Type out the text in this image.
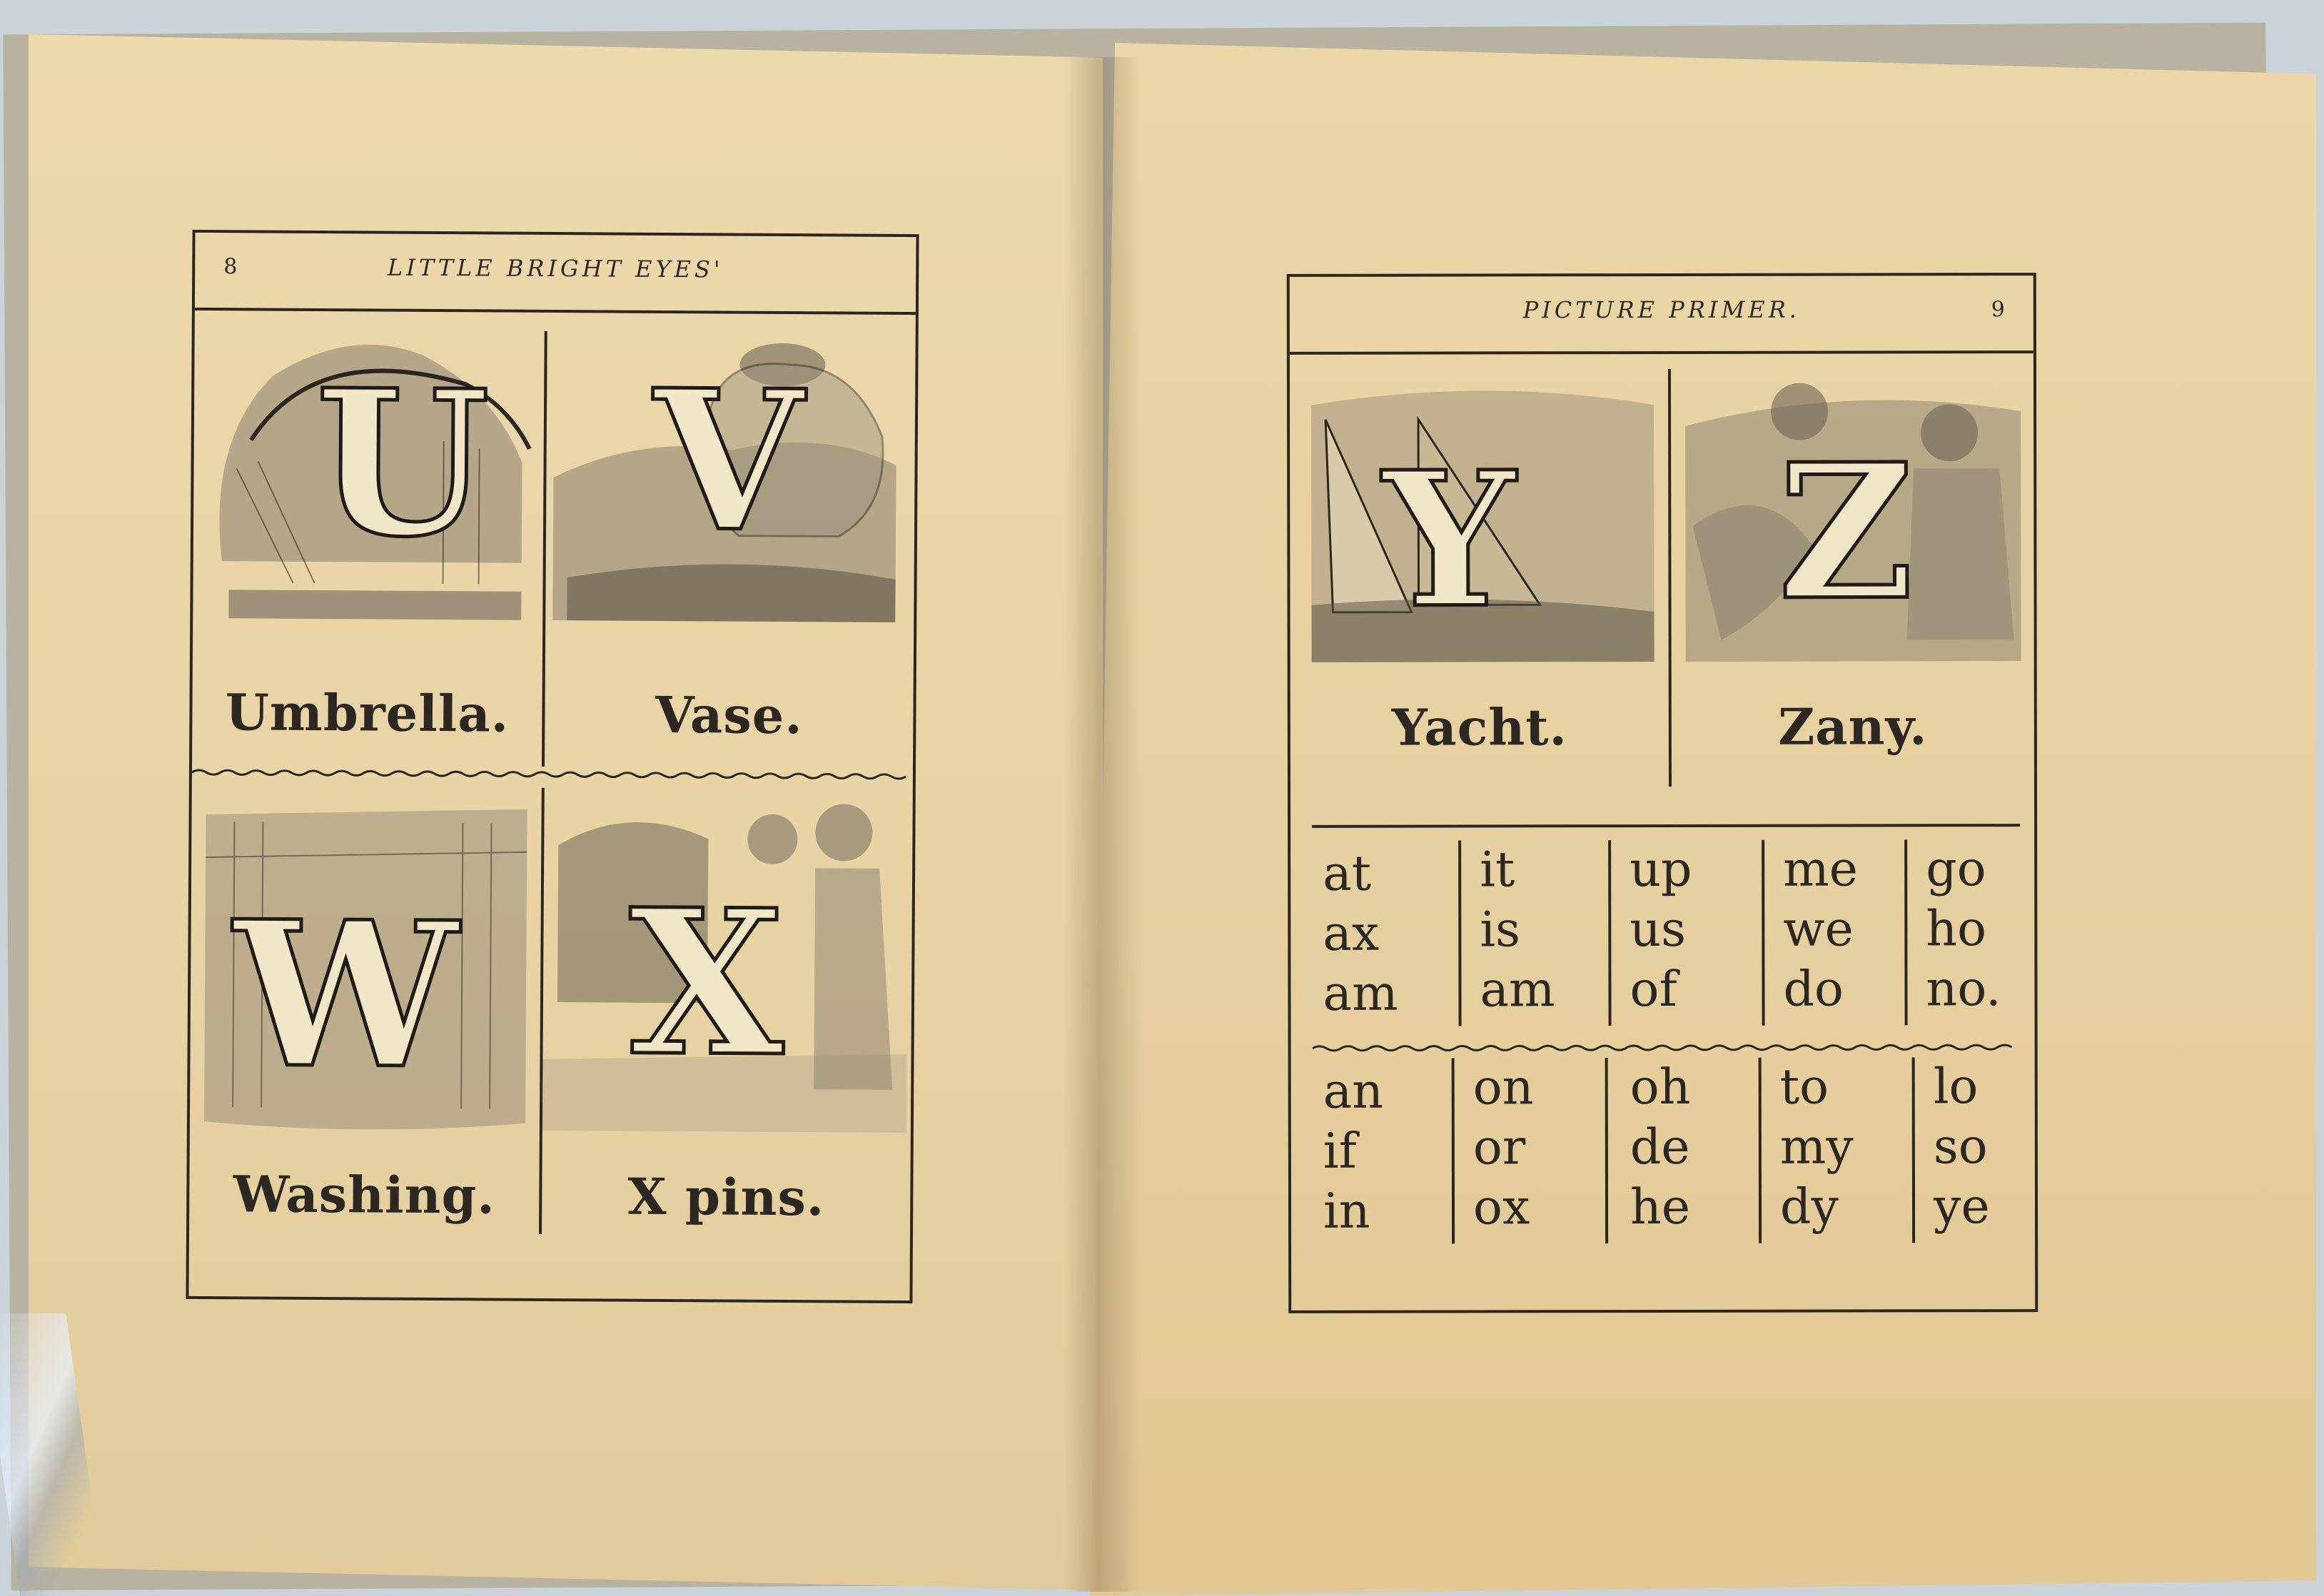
8	LITTLE BRIGHT EYES'
U
Umbrella.
V
Vase.
W
Washing.
X
X pins.
PICTURE PRIMER.	9
Y
Yacht.
Z
Zany.
at
ax
am
it
is
am
up
us
of
me
we
do
go
ho
no.
an
if
in
on
or
ox
oh
de
he
to
my
dy
lo
so
ye
